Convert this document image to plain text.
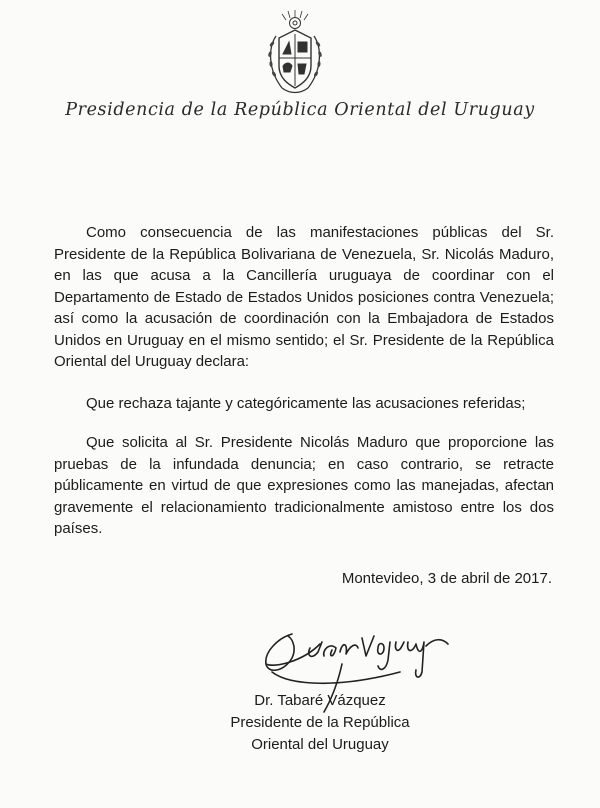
Presidencia de la República Oriental del Uruguay

Como consecuencia de las manifestaciones públicas del Sr. Presidente de la República Bolivariana de Venezuela, Sr. Nicolás Maduro, en las que acusa a la Cancillería uruguaya de coordinar con el Departamento de Estado de Estados Unidos posiciones contra Venezuela; así como la acusación de coordinación con la Embajadora de Estados Unidos en Uruguay en el mismo sentido; el Sr. Presidente de la República Oriental del Uruguay declara:

Que rechaza tajante y categóricamente las acusaciones referidas;

Que solicita al Sr. Presidente Nicolás Maduro que proporcione las pruebas de la infundada denuncia; en caso contrario, se retracte públicamente en virtud de que expresiones como las manejadas, afectan gravemente el relacionamiento tradicionalmente amistoso entre los dos países.

Montevideo, 3 de abril de 2017.
Dr. Tabaré Vázquez
Presidente de la República
Oriental del Uruguay
